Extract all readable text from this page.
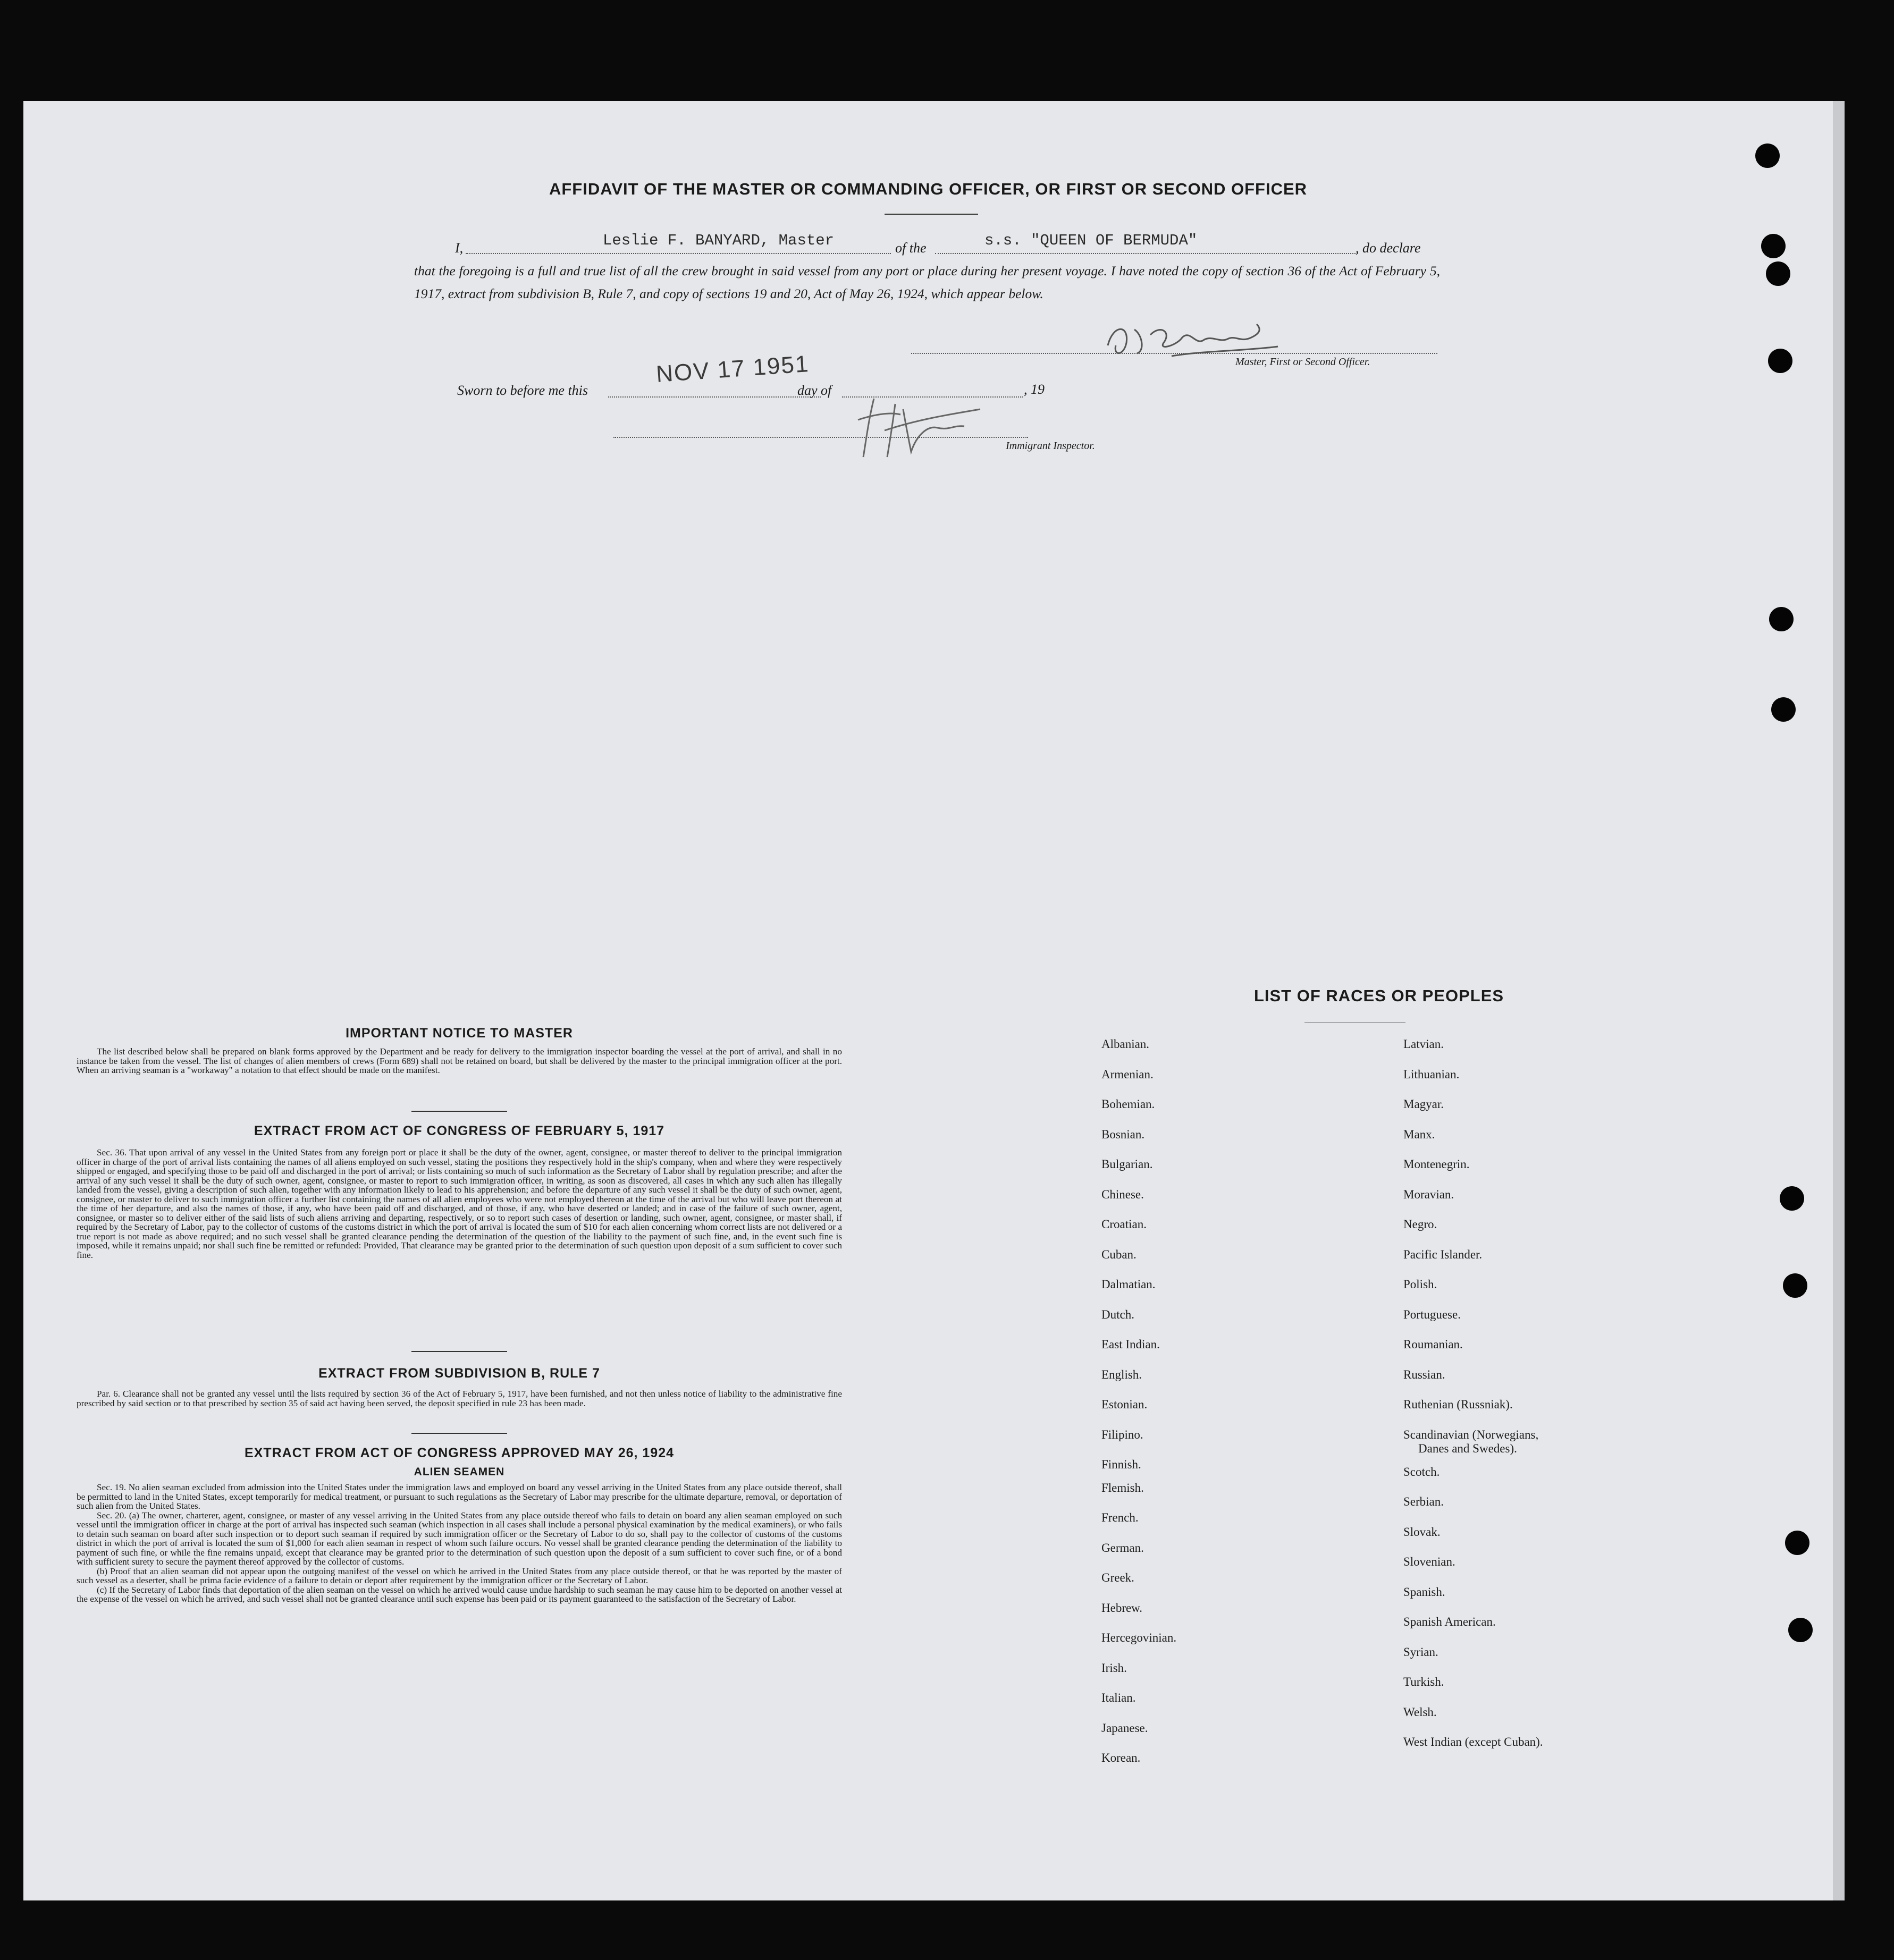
AFFIDAVIT OF THE MASTER OR COMMANDING OFFICER, OR FIRST OR SECOND OFFICER
I,	Leslie F. BANYARD, Master	of the	s.s. "QUEEN OF BERMUDA"	, do declare
that the foregoing is a full and true list of all the crew brought in said vessel from any port or place during her present voyage. I have noted the copy of section 36 of the Act of February 5, 1917, extract from subdivision B, Rule 7, and copy of sections 19 and 20, Act of May 26, 1924, which appear below.
Master, First or Second Officer.
Sworn to before me this
NOV 17 1951
day of	, 19
Immigrant Inspector.
IMPORTANT NOTICE TO MASTER

The list described below shall be prepared on blank forms approved by the Department and be ready for delivery to the immigration inspector boarding the vessel at the port of arrival, and shall in no instance be taken from the vessel. The list of changes of alien members of crews (Form 689) shall not be retained on board, but shall be delivered by the master to the principal immigration officer at the port. When an arriving seaman is a "workaway" a notation to that effect should be made on the manifest.

EXTRACT FROM ACT OF CONGRESS OF FEBRUARY 5, 1917

Sec. 36. That upon arrival of any vessel in the United States from any foreign port or place it shall be the duty of the owner, agent, consignee, or master thereof to deliver to the principal immigration officer in charge of the port of arrival lists containing the names of all aliens employed on such vessel, stating the positions they respectively hold in the ship's company, when and where they were respectively shipped or engaged, and specifying those to be paid off and discharged in the port of arrival; or lists containing so much of such information as the Secretary of Labor shall by regulation prescribe; and after the arrival of any such vessel it shall be the duty of such owner, agent, consignee, or master to report to such immigration officer, in writing, as soon as discovered, all cases in which any such alien has illegally landed from the vessel, giving a description of such alien, together with any information likely to lead to his apprehension; and before the departure of any such vessel it shall be the duty of such owner, agent, consignee, or master to deliver to such immigration officer a further list containing the names of all alien employees who were not employed thereon at the time of the arrival but who will leave port thereon at the time of her departure, and also the names of those, if any, who have been paid off and discharged, and of those, if any, who have deserted or landed; and in case of the failure of such owner, agent, consignee, or master so to deliver either of the said lists of such aliens arriving and departing, respectively, or so to report such cases of desertion or landing, such owner, agent, consignee, or master shall, if required by the Secretary of Labor, pay to the collector of customs of the customs district in which the port of arrival is located the sum of $10 for each alien concerning whom correct lists are not delivered or a true report is not made as above required; and no such vessel shall be granted clearance pending the determination of the question of the liability to the payment of such fine, and, in the event such fine is imposed, while it remains unpaid; nor shall such fine be remitted or refunded: Provided, That clearance may be granted prior to the determination of such question upon deposit of a sum sufficient to cover such fine.

EXTRACT FROM SUBDIVISION B, RULE 7

Par. 6. Clearance shall not be granted any vessel until the lists required by section 36 of the Act of February 5, 1917, have been furnished, and not then unless notice of liability to the administrative fine prescribed by said section or to that prescribed by section 35 of said act having been served, the deposit specified in rule 23 has been made.

EXTRACT FROM ACT OF CONGRESS APPROVED MAY 26, 1924
ALIEN SEAMEN

Sec. 19. No alien seaman excluded from admission into the United States under the immigration laws and employed on board any vessel arriving in the United States from any place outside thereof, shall be permitted to land in the United States, except temporarily for medical treatment, or pursuant to such regulations as the Secretary of Labor may prescribe for the ultimate departure, removal, or deportation of such alien from the United States.

Sec. 20. (a) The owner, charterer, agent, consignee, or master of any vessel arriving in the United States from any place outside thereof who fails to detain on board any alien seaman employed on such vessel until the immigration officer in charge at the port of arrival has inspected such seaman (which inspection in all cases shall include a personal physical examination by the medical examiners), or who fails to detain such seaman on board after such inspection or to deport such seaman if required by such immigration officer or the Secretary of Labor to do so, shall pay to the collector of customs of the customs district in which the port of arrival is located the sum of $1,000 for each alien seaman in respect of whom such failure occurs. No vessel shall be granted clearance pending the determination of the liability to payment of such fine, or while the fine remains unpaid, except that clearance may be granted prior to the determination of such question upon the deposit of a sum sufficient to cover such fine, or of a bond with sufficient surety to secure the payment thereof approved by the collector of customs.

(b) Proof that an alien seaman did not appear upon the outgoing manifest of the vessel on which he arrived in the United States from any place outside thereof, or that he was reported by the master of such vessel as a deserter, shall be prima facie evidence of a failure to detain or deport after requirement by the immigration officer or the Secretary of Labor.

(c) If the Secretary of Labor finds that deportation of the alien seaman on the vessel on which he arrived would cause undue hardship to such seaman he may cause him to be deported on another vessel at the expense of the vessel on which he arrived, and such vessel shall not be granted clearance until such expense has been paid or its payment guaranteed to the satisfaction of the Secretary of Labor.

LIST OF RACES OR PEOPLES
Albanian.
Armenian.
Bohemian.
Bosnian.
Bulgarian.
Chinese.
Croatian.
Cuban.
Dalmatian.
Dutch.
East Indian.
English.
Estonian.
Filipino.
Finnish.
Flemish.
French.
German.
Greek.
Hebrew.
Hercegovinian.
Irish.
Italian.
Japanese.
Korean.
Latvian.
Lithuanian.
Magyar.
Manx.
Montenegrin.
Moravian.
Negro.
Pacific Islander.
Polish.
Portuguese.
Roumanian.
Russian.
Ruthenian (Russniak).
Scandinavian (Norwegians,
Danes and Swedes).
Scotch.
Serbian.
Slovak.
Slovenian.
Spanish.
Spanish American.
Syrian.
Turkish.
Welsh.
West Indian (except Cuban).
